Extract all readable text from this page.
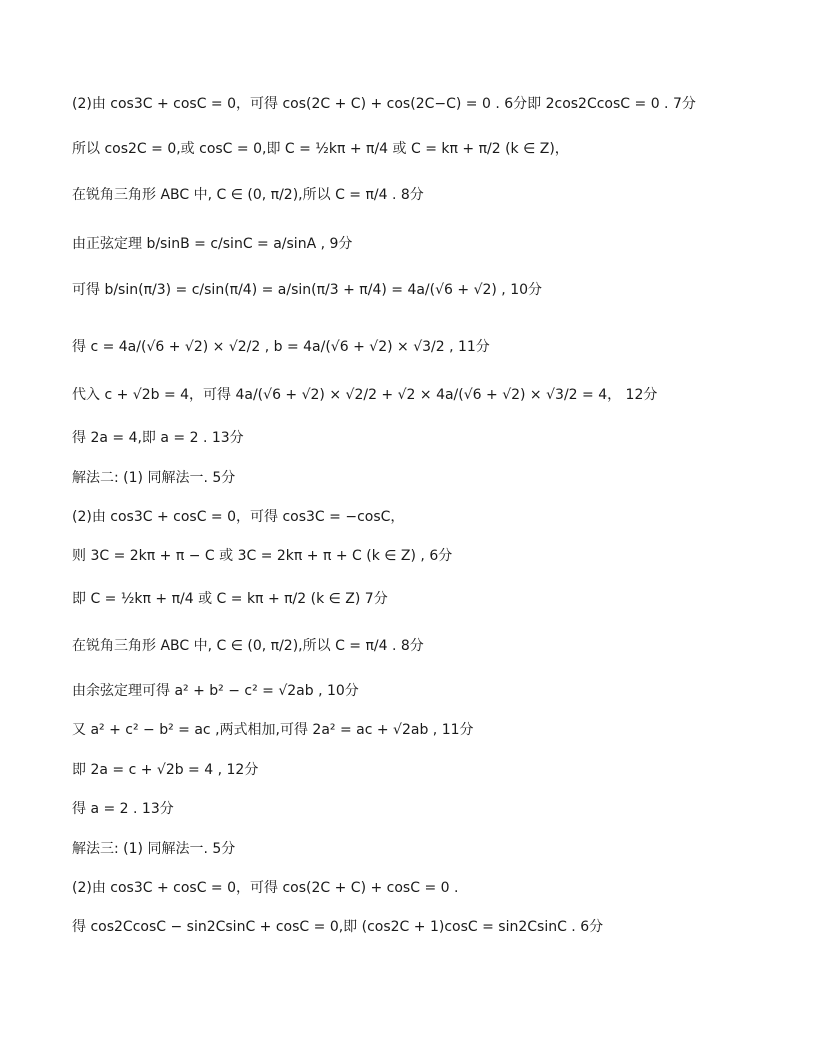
(2)由 cos3C + cosC = 0，可得 cos(2C + C) + cos(2C−C) = 0 . 6分即 2cos2CcosC = 0 . 7分
所以 cos2C = 0,或 cosC = 0,即 C = ½kπ + π/4 或 C = kπ + π/2 (k ∈ Z)，
在锐角三角形 ABC 中, C ∈ (0, π/2),所以 C = π/4 . 8分
由正弦定理 b/sinB = c/sinC = a/sinA , 9分
可得 b/sin(π/3) = c/sin(π/4) = a/sin(π/3 + π/4) = 4a/(√6 + √2) , 10分
得 c = 4a/(√6 + √2) × √2/2 , b = 4a/(√6 + √2) × √3/2 , 11分
代入 c + √2b = 4，可得 4a/(√6 + √2) × √2/2 + √2 × 4a/(√6 + √2) × √3/2 = 4， 12分
得 2a = 4,即 a = 2 . 13分
解法二: (1) 同解法一. 5分
(2)由 cos3C + cosC = 0，可得 cos3C = −cosC，
则 3C = 2kπ + π − C 或 3C = 2kπ + π + C (k ∈ Z) , 6分
即 C = ½kπ + π/4 或 C = kπ + π/2 (k ∈ Z) 7分
在锐角三角形 ABC 中, C ∈ (0, π/2),所以 C = π/4 . 8分
由余弦定理可得 a² + b² − c² = √2ab , 10分
又 a² + c² − b² = ac ,两式相加,可得 2a² = ac + √2ab , 11分
即 2a = c + √2b = 4 , 12分
得 a = 2 . 13分
解法三: (1) 同解法一. 5分
(2)由 cos3C + cosC = 0，可得 cos(2C + C) + cosC = 0 .
得 cos2CcosC − sin2CsinC + cosC = 0,即 (cos2C + 1)cosC = sin2CsinC . 6分
